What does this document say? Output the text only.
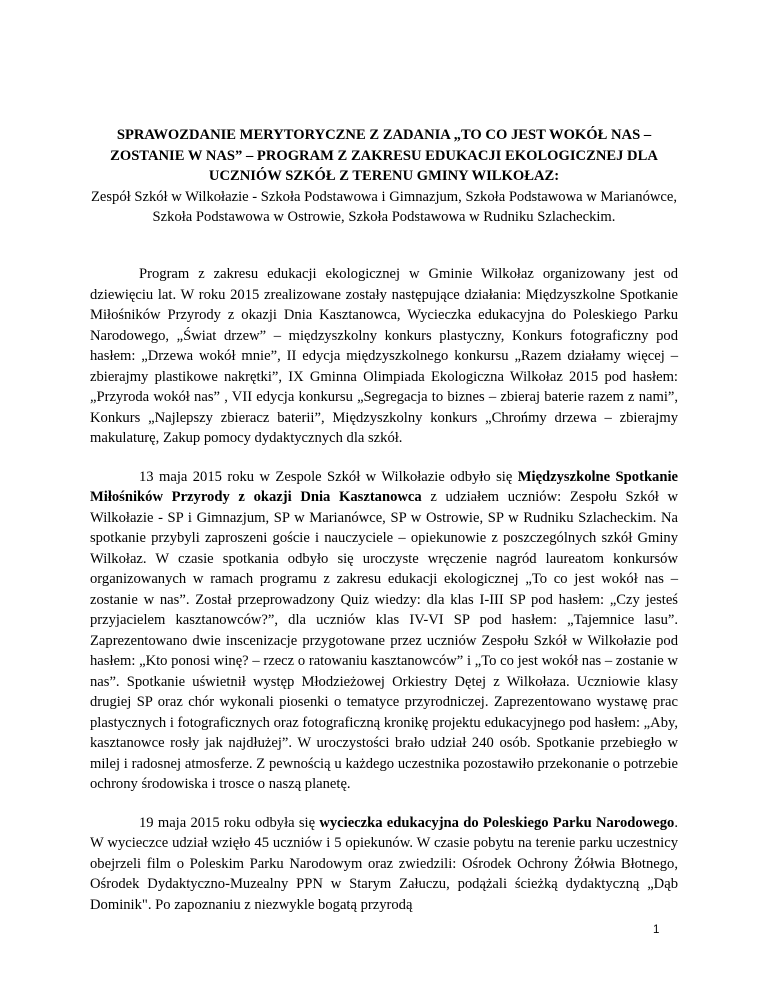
SPRAWOZDANIE MERYTORYCZNE Z ZADANIA „TO CO JEST WOKÓŁ NAS – ZOSTANIE W NAS” – PROGRAM Z ZAKRESU EDUKACJI EKOLOGICZNEJ DLA UCZNIÓW SZKÓŁ Z TERENU GMINY WILKOŁAZ:
Zespół Szkół w Wilkołazie - Szkoła Podstawowa i Gimnazjum, Szkoła Podstawowa w Marianówce, Szkoła Podstawowa w Ostrowie, Szkoła Podstawowa w Rudniku Szlacheckim.

Program z zakresu edukacji ekologicznej w Gminie Wilkołaz organizowany jest od dziewięciu lat. W roku 2015 zrealizowane zostały następujące działania: Międzyszkolne Spotkanie Miłośników Przyrody z okazji Dnia Kasztanowca, Wycieczka edukacyjna do Poleskiego Parku Narodowego, „Świat drzew” – międzyszkolny konkurs plastyczny, Konkurs fotograficzny pod hasłem: „Drzewa wokół mnie”, II edycja międzyszkolnego konkursu „Razem działamy więcej – zbierajmy plastikowe nakrętki”, IX Gminna Olimpiada Ekologiczna Wilkołaz 2015 pod hasłem: „Przyroda wokół nas” , VII edycja konkursu „Segregacja to biznes – zbieraj baterie razem z nami”, Konkurs „Najlepszy zbieracz baterii”, Międzyszkolny konkurs „Chrońmy drzewa – zbierajmy makulaturę, Zakup pomocy dydaktycznych dla szkół.

13 maja 2015 roku w Zespole Szkół w Wilkołazie odbyło się Międzyszkolne Spotkanie Miłośników Przyrody z okazji Dnia Kasztanowca z udziałem uczniów: Zespołu Szkół w Wilkołazie - SP i Gimnazjum, SP w Marianówce, SP w Ostrowie, SP w Rudniku Szlacheckim. Na spotkanie przybyli zaproszeni goście i nauczyciele – opiekunowie z poszczególnych szkół Gminy Wilkołaz. W czasie spotkania odbyło się uroczyste wręczenie nagród laureatom konkursów organizowanych w ramach programu z zakresu edukacji ekologicznej „To co jest wokół nas – zostanie w nas”. Został przeprowadzony Quiz wiedzy: dla klas I-III SP pod hasłem: „Czy jesteś przyjacielem kasztanowców?”, dla uczniów klas IV-VI SP pod hasłem: „Tajemnice lasu”. Zaprezentowano dwie inscenizacje przygotowane przez uczniów Zespołu Szkół w Wilkołazie pod hasłem: „Kto ponosi winę? – rzecz o ratowaniu kasztanowców” i „To co jest wokół nas – zostanie w nas”. Spotkanie uświetnił występ Młodzieżowej Orkiestry Dętej z Wilkołaza. Uczniowie klasy drugiej SP oraz chór wykonali piosenki o tematyce przyrodniczej. Zaprezentowano wystawę prac plastycznych i fotograficznych oraz fotograficzną kronikę projektu edukacyjnego pod hasłem: „Aby, kasztanowce rosły jak najdłużej”. W uroczystości brało udział 240 osób. Spotkanie przebiegło w milej i radosnej atmosferze. Z pewnością u każdego uczestnika pozostawiło przekonanie o potrzebie ochrony środowiska i trosce o naszą planetę.

19 maja 2015 roku odbyła się wycieczka edukacyjna do Poleskiego Parku Narodowego. W wycieczce udział wzięło 45 uczniów i 5 opiekunów. W czasie pobytu na terenie parku uczestnicy obejrzeli film o Poleskim Parku Narodowym oraz zwiedzili: Ośrodek Ochrony Żółwia Błotnego, Ośrodek Dydaktyczno-Muzealny PPN w Starym Załuczu, podążali ścieżką dydaktyczną „Dąb Dominik". Po zapoznaniu z niezwykle bogatą przyrodą

1
